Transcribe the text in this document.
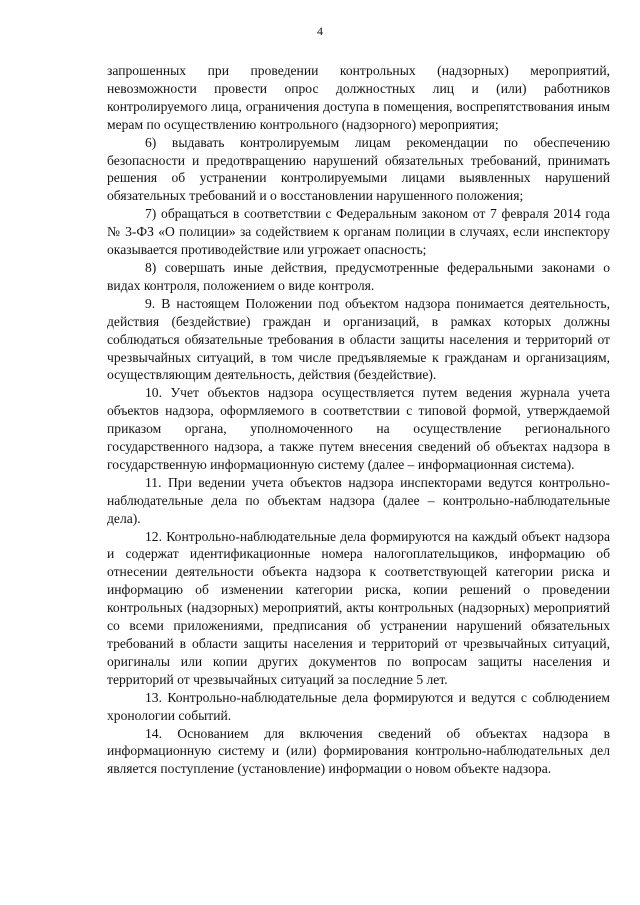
4

запрошенных при проведении контрольных (надзорных) мероприятий, невозможности провести опрос должностных лиц и (или) работников контролируемого лица, ограничения доступа в помещения, воспрепятствования иным мерам по осуществлению контрольного (надзорного) мероприятия;

6) выдавать контролируемым лицам рекомендации по обеспечению безопасности и предотвращению нарушений обязательных требований, принимать решения об устранении контролируемыми лицами выявленных нарушений обязательных требований и о восстановлении нарушенного положения;

7) обращаться в соответствии с Федеральным законом от 7 февраля 2014 года № 3-ФЗ «О полиции» за содействием к органам полиции в случаях, если инспектору оказывается противодействие или угрожает опасность;

8) совершать иные действия, предусмотренные федеральными законами о видах контроля, положением о виде контроля.

9. В настоящем Положении под объектом надзора понимается деятельность, действия (бездействие) граждан и организаций, в рамках которых должны соблюдаться обязательные требования в области защиты населения и территорий от чрезвычайных ситуаций, в том числе предъявляемые к гражданам и организациям, осуществляющим деятельность, действия (бездействие).

10. Учет объектов надзора осуществляется путем ведения журнала учета объектов надзора, оформляемого в соответствии с типовой формой, утверждаемой приказом органа, уполномоченного на осуществление регионального государственного надзора, а также путем внесения сведений об объектах надзора в государственную информационную систему (далее – информационная система).

11. При ведении учета объектов надзора инспекторами ведутся контрольно-наблюдательные дела по объектам надзора (далее – контрольно-наблюдательные дела).

12. Контрольно-наблюдательные дела формируются на каждый объект надзора и содержат идентификационные номера налогоплательщиков, информацию об отнесении деятельности объекта надзора к соответствующей категории риска и информацию об изменении категории риска, копии решений о проведении контрольных (надзорных) мероприятий, акты контрольных (надзорных) мероприятий со всеми приложениями, предписания об устранении нарушений обязательных требований в области защиты населения и территорий от чрезвычайных ситуаций, оригиналы или копии других документов по вопросам защиты населения и территорий от чрезвычайных ситуаций за последние 5 лет.

13. Контрольно-наблюдательные дела формируются и ведутся с соблюдением хронологии событий.

14. Основанием для включения сведений об объектах надзора в информационную систему и (или) формирования контрольно-наблюдательных дел является поступление (установление) информации о новом объекте надзора.
